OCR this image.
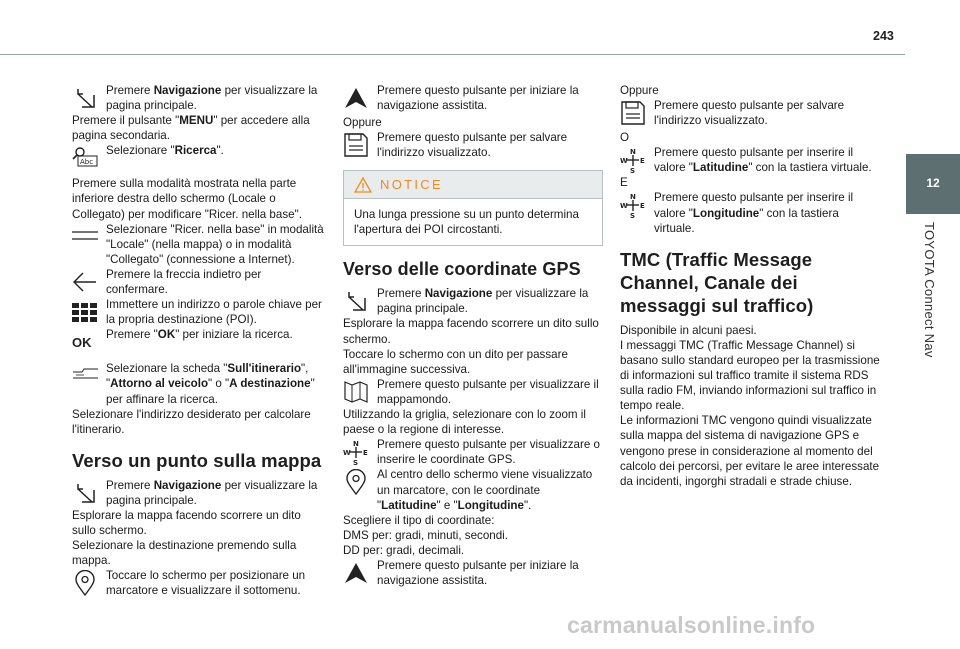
243
12
TOYOTA Connect Nav
Premere Navigazione per visualizzare la pagina principale.
Premere il pulsante "MENU" per accedere alla pagina secondaria.
Abc
Selezionare "Ricerca".
Premere sulla modalità mostrata nella parte inferiore destra dello schermo (Locale o Collegato) per modificare "Ricer. nella base".
Selezionare "Ricer. nella base" in modalità "Locale" (nella mappa) o in modalità "Collegato" (connessione a Internet).
Premere la freccia indietro per confermare.
Immettere un indirizzo o parole chiave per la propria destinazione (POI).
OK
Premere "OK" per iniziare la ricerca.
Selezionare la scheda "Sull'itinerario", "Attorno al veicolo" o "A destinazione" per affinare la ricerca.
Selezionare l'indirizzo desiderato per calcolare l'itinerario.
Verso un punto sulla mappa
Premere Navigazione per visualizzare la pagina principale.
Esplorare la mappa facendo scorrere un dito sullo schermo.
Selezionare la destinazione premendo sulla mappa.
Toccare lo schermo per posizionare un marcatore e visualizzare il sottomenu.
Premere questo pulsante per iniziare la navigazione assistita.
Oppure
Premere questo pulsante per salvare l'indirizzo visualizzato.
NOTICE
Una lunga pressione su un punto determina l'apertura dei POI circostanti.
Verso delle coordinate GPS
Premere Navigazione per visualizzare la pagina principale.
Esplorare la mappa facendo scorrere un dito sullo schermo.
Toccare lo schermo con un dito per passare all'immagine successiva.
Premere questo pulsante per visualizzare il mappamondo.
Utilizzando la griglia, selezionare con lo zoom il paese o la regione di interesse.
N
W E
S
Premere questo pulsante per visualizzare o inserire le coordinate GPS.
Al centro dello schermo viene visualizzato un marcatore, con le coordinate "Latitudine" e "Longitudine".
Scegliere il tipo di coordinate:
DMS per: gradi, minuti, secondi.
DD per: gradi, decimali.
Premere questo pulsante per iniziare la navigazione assistita.
Oppure
Premere questo pulsante per salvare l'indirizzo visualizzato.
O
N
W E
S
Premere questo pulsante per inserire il valore "Latitudine" con la tastiera virtuale.
E
N
W E
S
Premere questo pulsante per inserire il valore "Longitudine" con la tastiera virtuale.
TMC (Traffic Message Channel, Canale dei messaggi sul traffico)
Disponibile in alcuni paesi.
I messaggi TMC (Traffic Message Channel) si basano sullo standard europeo per la trasmissione di informazioni sul traffico tramite il sistema RDS sulla radio FM, inviando informazioni sul traffico in tempo reale.
Le informazioni TMC vengono quindi visualizzate sulla mappa del sistema di navigazione GPS e vengono prese in considerazione al momento del calcolo dei percorsi, per evitare le aree interessate da incidenti, ingorghi stradali e strade chiuse.
carmanualsonline.info
